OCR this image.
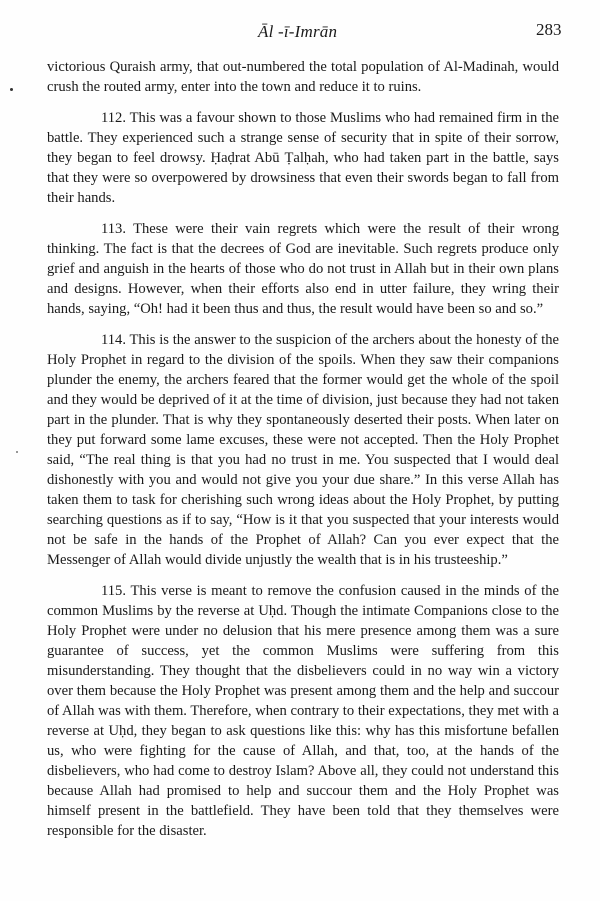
Āl -ī-Imrān	283

victorious Quraish army, that out-numbered the total population of Al-Madinah, would crush the routed army, enter into the town and reduce it to ruins.

112. This was a favour shown to those Muslims who had remained firm in the battle. They experienced such a strange sense of security that in spite of their sorrow, they began to feel drowsy. Ḥaḍrat Abū Ṭalḥah, who had taken part in the battle, says that they were so overpowered by drowsiness that even their swords began to fall from their hands.

113. These were their vain regrets which were the result of their wrong thinking. The fact is that the decrees of God are inevitable. Such regrets produce only grief and anguish in the hearts of those who do not trust in Allah but in their own plans and designs. However, when their efforts also end in utter failure, they wring their hands, saying, “Oh! had it been thus and thus, the result would have been so and so.”

114. This is the answer to the suspicion of the archers about the honesty of the Holy Prophet in regard to the division of the spoils. When they saw their companions plunder the enemy, the archers feared that the former would get the whole of the spoil and they would be deprived of it at the time of division, just because they had not taken part in the plunder. That is why they spontaneously deserted their posts. When later on they put forward some lame excuses, these were not accepted. Then the Holy Prophet said, “The real thing is that you had no trust in me. You suspected that I would deal dishonestly with you and would not give you your due share.” In this verse Allah has taken them to task for cherishing such wrong ideas about the Holy Prophet, by putting searching questions as if to say, “How is it that you suspected that your interests would not be safe in the hands of the Prophet of Allah? Can you ever expect that the Messenger of Allah would divide unjustly the wealth that is in his trusteeship.”

115. This verse is meant to remove the confusion caused in the minds of the common Muslims by the reverse at Uḥd. Though the intimate Companions close to the Holy Prophet were under no delusion that his mere presence among them was a sure guarantee of success, yet the common Muslims were suffering from this misunderstanding. They thought that the disbelievers could in no way win a victory over them because the Holy Prophet was present among them and the help and succour of Allah was with them. Therefore, when contrary to their expectations, they met with a reverse at Uḥd, they began to ask questions like this: why has this misfortune befallen us, who were fighting for the cause of Allah, and that, too, at the hands of the disbelievers, who had come to destroy Islam? Above all, they could not understand this because Allah had promised to help and succour them and the Holy Prophet was himself present in the battlefield. They have been told that they themselves were responsible for the disaster.
